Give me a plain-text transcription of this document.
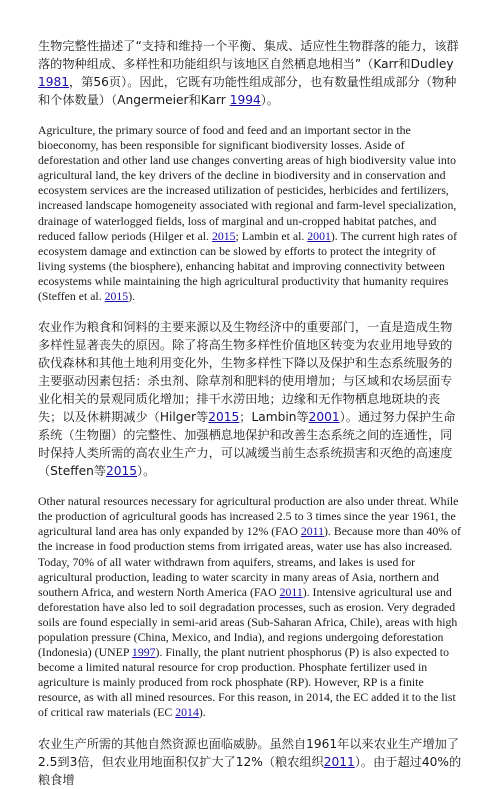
生物完整性描述了“支持和维持一个平衡、集成、适应性生物群落的能力，该群落的物种组成、多样性和功能组织与该地区自然栖息地相当”（Karr和Dudley 1981，第56页）。因此，它既有功能性组成部分，也有数量性组成部分（物种和个体数量）（Angermeier和Karr 1994）。

Agriculture, the primary source of food and feed and an important sector in the bioeconomy, has been responsible for significant biodiversity losses. Aside of deforestation and other land use changes converting areas of high biodiversity value into agricultural land, the key drivers of the decline in biodiversity and in conservation and ecosystem services are the increased utilization of pesticides, herbicides and fertilizers, increased landscape homogeneity associated with regional and farm-level specialization, drainage of waterlogged fields, loss of marginal and un-cropped habitat patches, and reduced fallow periods (Hilger et al. 2015; Lambin et al. 2001). The current high rates of ecosystem damage and extinction can be slowed by efforts to protect the integrity of living systems (the biosphere), enhancing habitat and improving connectivity between ecosystems while maintaining the high agricultural productivity that humanity requires (Steffen et al. 2015).

农业作为粮食和饲料的主要来源以及生物经济中的重要部门，一直是造成生物多样性显著丧失的原因。除了将高生物多样性价值地区转变为农业用地导致的砍伐森林和其他土地利用变化外，生物多样性下降以及保护和生态系统服务的主要驱动因素包括：杀虫剂、除草剂和肥料的使用增加；与区域和农场层面专业化相关的景观同质化增加；排干水涝田地；边缘和无作物栖息地斑块的丧失；以及休耕期减少（Hilger等2015；Lambin等2001）。通过努力保护生命系统（生物圈）的完整性、加强栖息地保护和改善生态系统之间的连通性，同时保持人类所需的高农业生产力，可以减缓当前生态系统损害和灭绝的高速度（Steffen等2015）。

Other natural resources necessary for agricultural production are also under threat. While the production of agricultural goods has increased 2.5 to 3 times since the year 1961, the agricultural land area has only expanded by 12% (FAO 2011). Because more than 40% of the increase in food production stems from irrigated areas, water use has also increased. Today, 70% of all water withdrawn from aquifers, streams, and lakes is used for agricultural production, leading to water scarcity in many areas of Asia, northern and southern Africa, and western North America (FAO 2011). Intensive agricultural use and deforestation have also led to soil degradation processes, such as erosion. Very degraded soils are found especially in semi-arid areas (Sub-Saharan Africa, Chile), areas with high population pressure (China, Mexico, and India), and regions undergoing deforestation (Indonesia) (UNEP 1997). Finally, the plant nutrient phosphorus (P) is also expected to become a limited natural resource for crop production. Phosphate fertilizer used in agriculture is mainly produced from rock phosphate (RP). However, RP is a finite resource, as with all mined resources. For this reason, in 2014, the EC added it to the list of critical raw materials (EC 2014).

农业生产所需的其他自然资源也面临威胁。虽然自1961年以来农业生产增加了2.5到3倍，但农业用地面积仅扩大了12%（粮农组织2011）。由于超过40%的粮食增
